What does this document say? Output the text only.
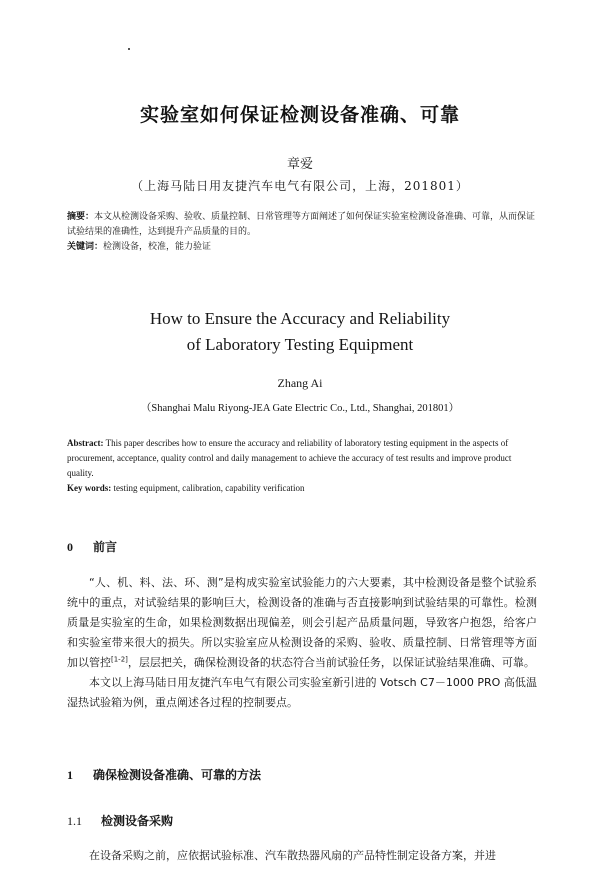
实验室如何保证检测设备准确、可靠
章爱
（上海马陆日用友捷汽车电气有限公司，上海，201801）
摘要：本文从检测设备采购、验收、质量控制、日常管理等方面阐述了如何保证实验室检测设备准确、可靠，从而保证试验结果的准确性，达到提升产品质量的目的。
关键词：检测设备，校准，能力验证
How to Ensure the Accuracy and Reliability
of Laboratory Testing Equipment
Zhang Ai
（Shanghai Malu Riyong-JEA Gate Electric Co., Ltd., Shanghai, 201801）
Abstract: This paper describes how to ensure the accuracy and reliability of laboratory testing equipment in the aspects of procurement, acceptance, quality control and daily management to achieve the accuracy of test results and improve product quality.
Key words: testing equipment, calibration, capability verification
0 前言

“人、机、料、法、环、测”是构成实验室试验能力的六大要素，其中检测设备是整个试验系统中的重点，对试验结果的影响巨大，检测设备的准确与否直接影响到试验结果的可靠性。检测质量是实验室的生命，如果检测数据出现偏差，则会引起产品质量问题，导致客户抱怨，给客户和实验室带来很大的损失。所以实验室应从检测设备的采购、验收、质量控制、日常管理等方面加以管控[1-2]，层层把关，确保检测设备的状态符合当前试验任务，以保证试验结果准确、可靠。

本文以上海马陆日用友捷汽车电气有限公司实验室新引进的 Votsch C7－1000 PRO 高低温湿热试验箱为例，重点阐述各过程的控制要点。

1 确保检测设备准确、可靠的方法
1.1 检测设备采购
在设备采购之前，应依据试验标准、汽车散热器风扇的产品特性制定设备方案，并进
